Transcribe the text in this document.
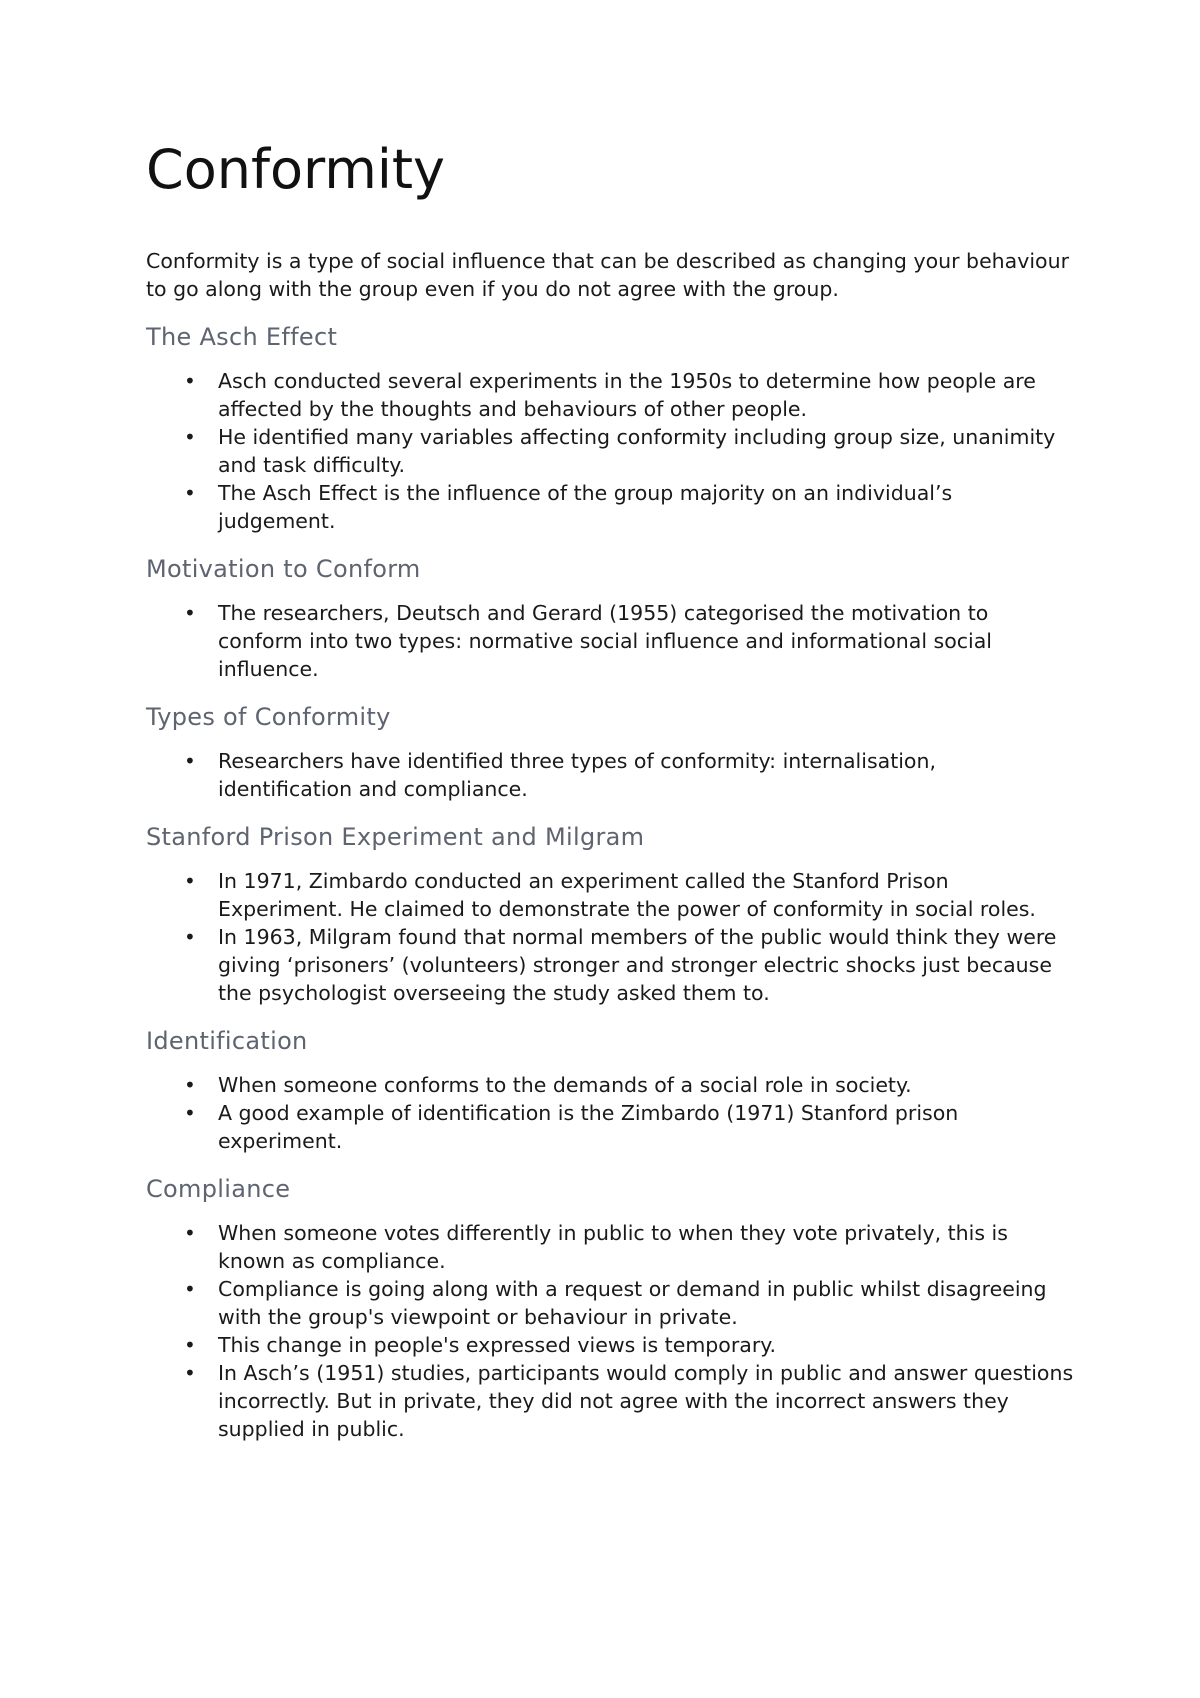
Conformity

Conformity is a type of social influence that can be described as changing your behaviour to go along with the group even if you do not agree with the group.

The Asch Effect
• Asch conducted several experiments in the 1950s to determine how people are affected by the thoughts and behaviours of other people.
• He identified many variables affecting conformity including group size, unanimity and task difficulty.
• The Asch Effect is the influence of the group majority on an individual’s judgement.
Motivation to Conform
• The researchers, Deutsch and Gerard (1955) categorised the motivation to conform into two types: normative social influence and informational social influence.
Types of Conformity
• Researchers have identified three types of conformity: internalisation, identification and compliance.
Stanford Prison Experiment and Milgram
• In 1971, Zimbardo conducted an experiment called the Stanford Prison Experiment. He claimed to demonstrate the power of conformity in social roles.
• In 1963, Milgram found that normal members of the public would think they were giving ‘prisoners’ (volunteers) stronger and stronger electric shocks just because the psychologist overseeing the study asked them to.
Identification
• When someone conforms to the demands of a social role in society.
• A good example of identification is the Zimbardo (1971) Stanford prison experiment.
Compliance
• When someone votes differently in public to when they vote privately, this is known as compliance.
• Compliance is going along with a request or demand in public whilst disagreeing with the group's viewpoint or behaviour in private.
• This change in people's expressed views is temporary.
• In Asch’s (1951) studies, participants would comply in public and answer questions incorrectly. But in private, they did not agree with the incorrect answers they supplied in public.
